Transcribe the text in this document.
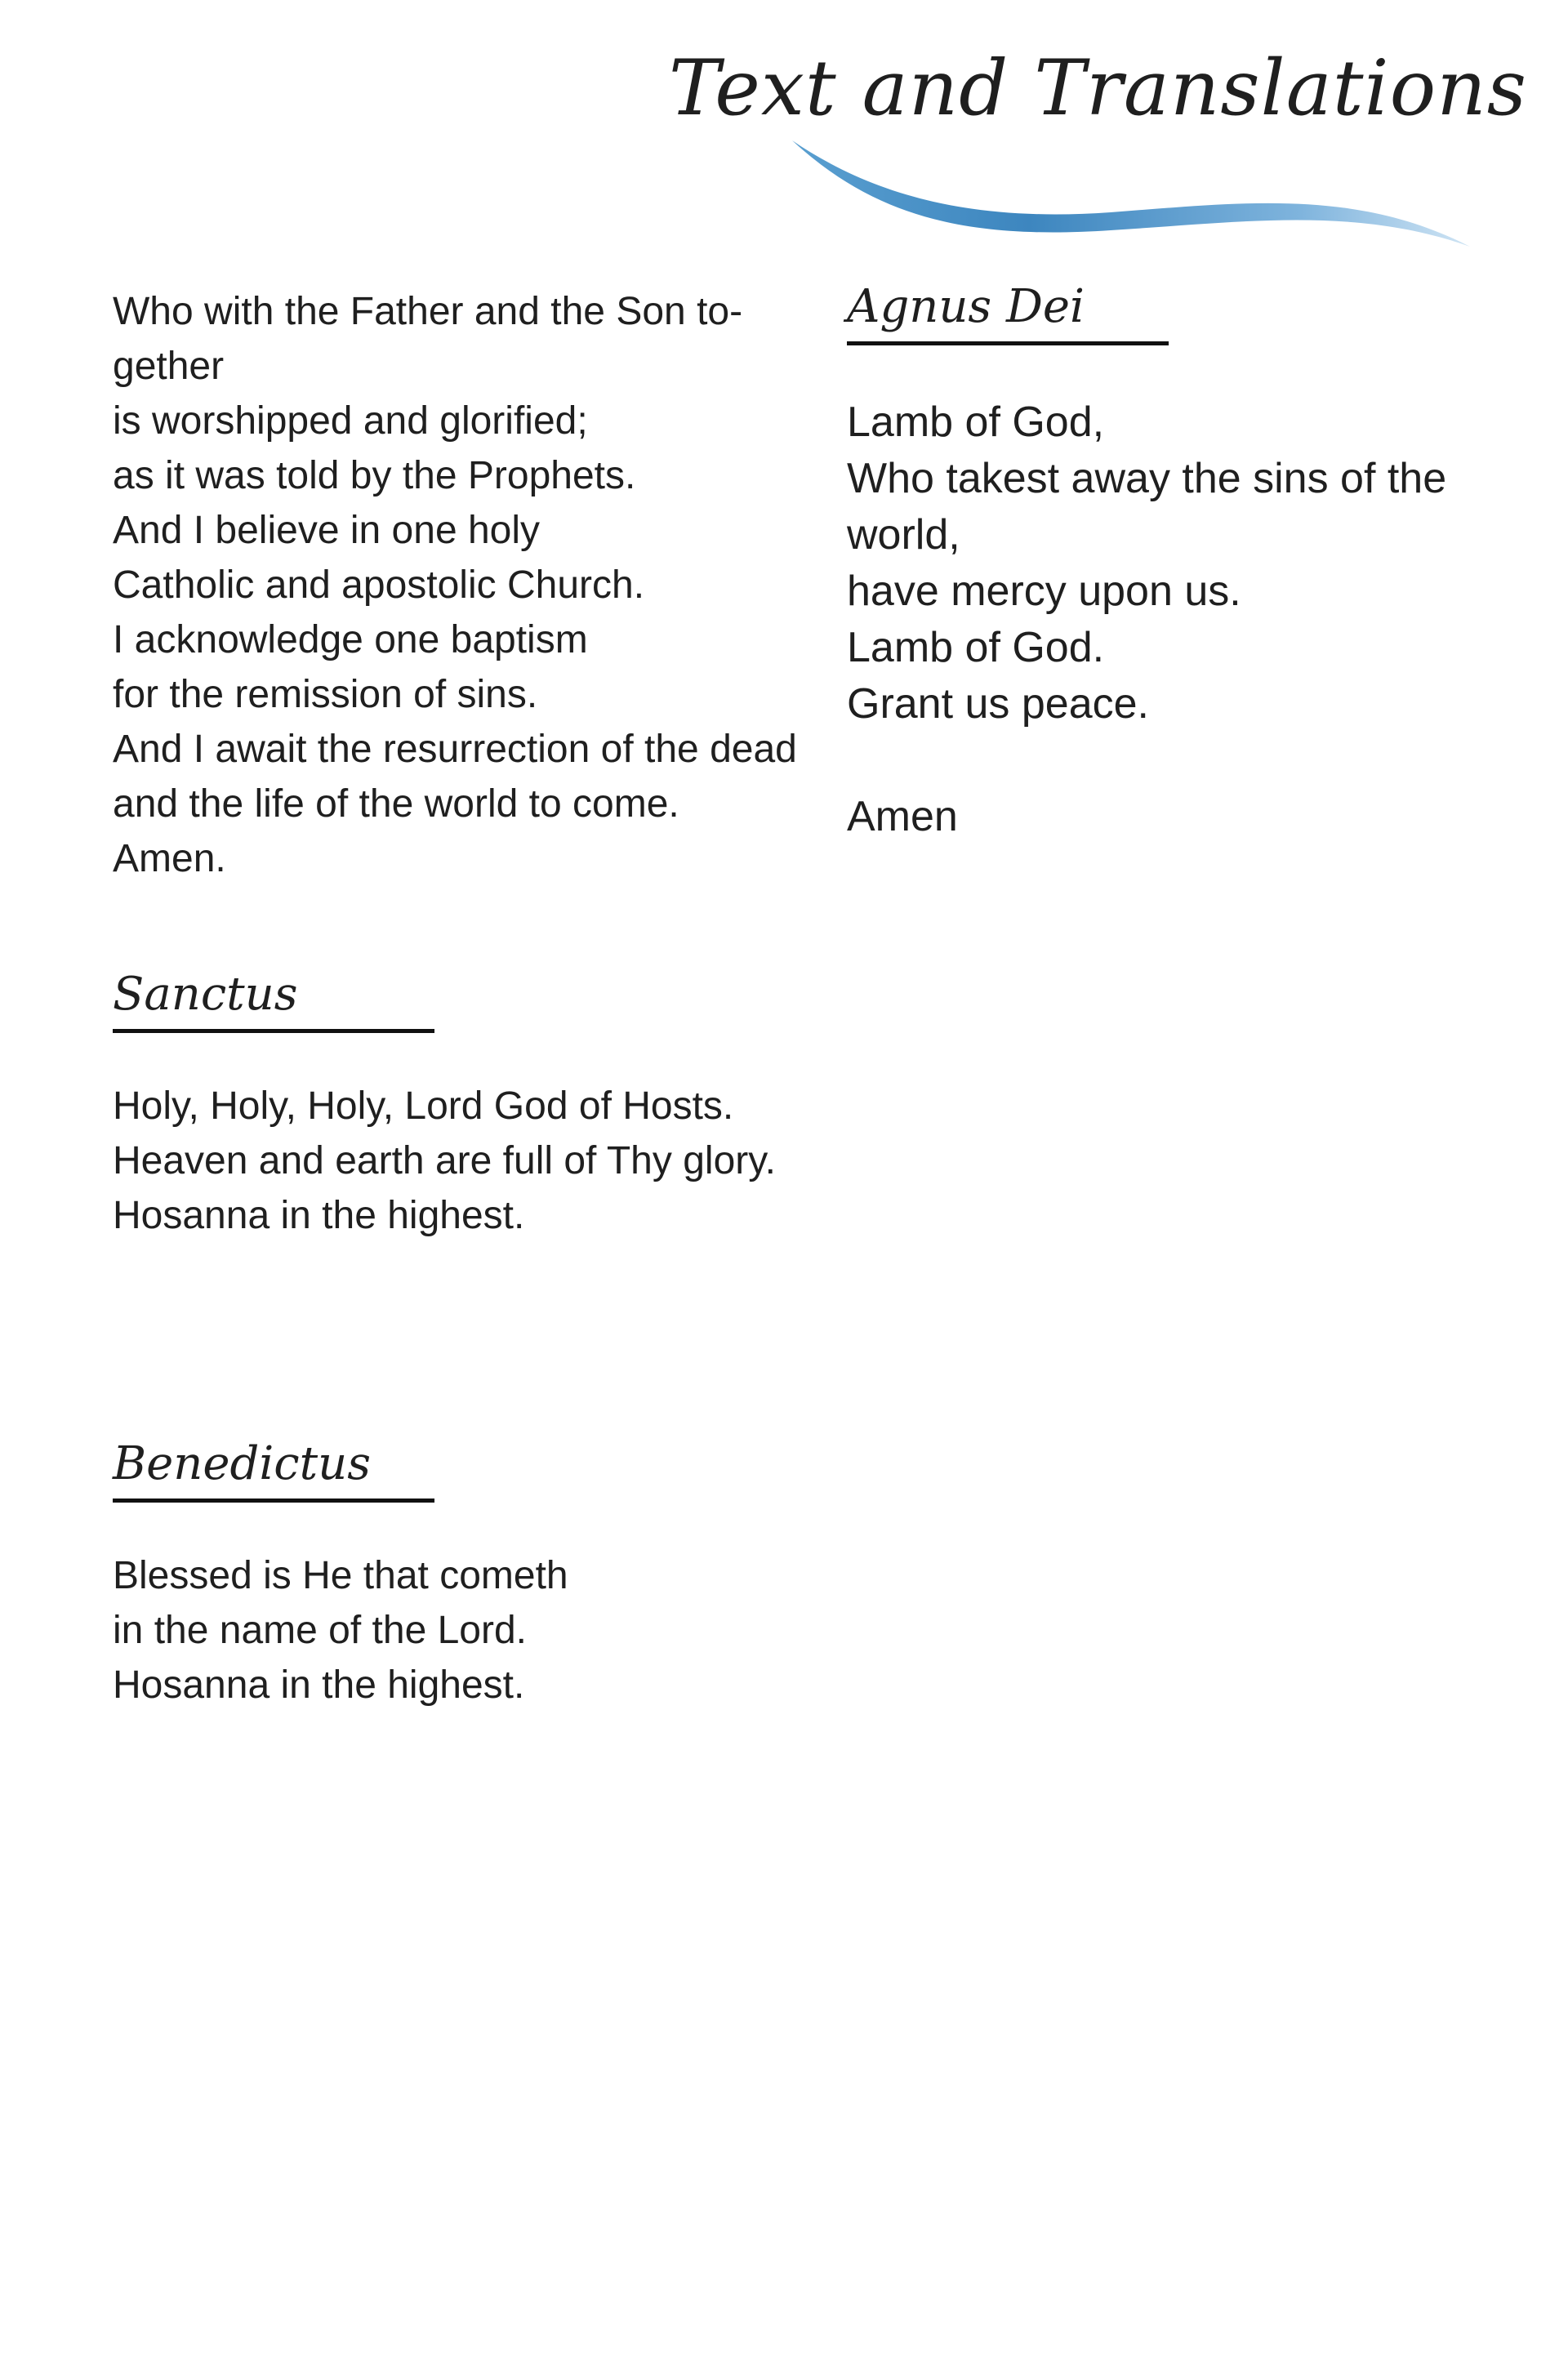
Text and Translations
Who with the Father and the Son to-
gether
is worshipped and glorified;
as it was told by the Prophets.
And I believe in one holy
Catholic and apostolic Church.
I acknowledge one baptism
for the remission of sins.
And I await the resurrection of the dead
and the life of the world to come.
Amen.
Sanctus
Holy, Holy, Holy, Lord God of Hosts.
Heaven and earth are full of Thy glory.
Hosanna in the highest.
Benedictus
Blessed is He that cometh
in the name of the Lord.
Hosanna in the highest.
Agnus Dei
Lamb of God,
Who takest away the sins of the
world,
have mercy upon us.
Lamb of God.
Grant us peace.
Amen
